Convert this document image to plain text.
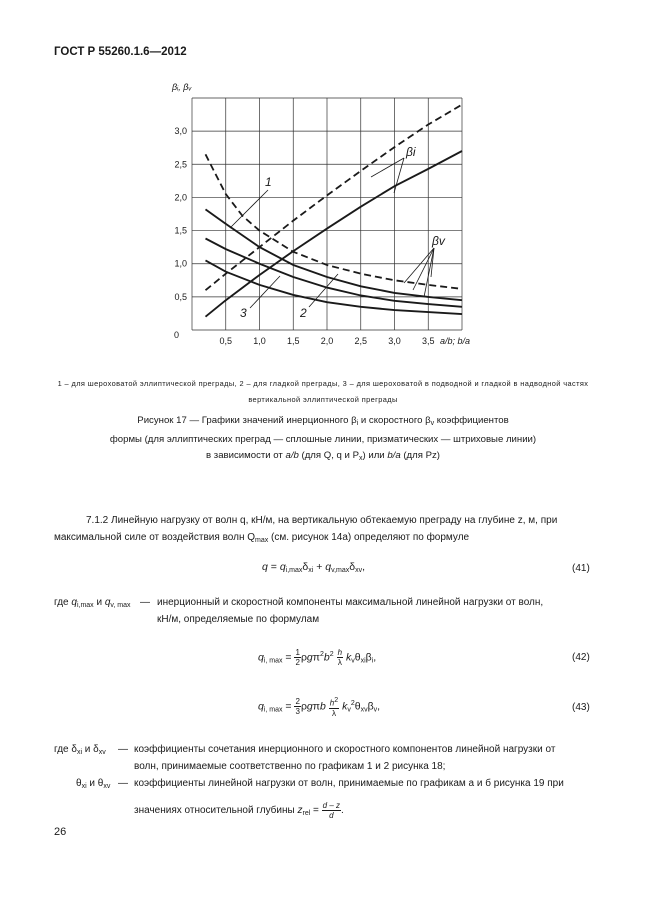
ГОСТ Р 55260.1.6—2012
0,5 1,0 1,5 2,0 2,5 3,0 3,5
0,5
1,0
1,5
2,0
2,5
3,0
0
a/b; b/a
βᵢ, βᵥ
1
3	2
βi
βv
1 – для шероховатой эллиптической преграды, 2 – для гладкой преграды, 3 – для шероховатой в подводной и гладкой в надводной частях вертикальной эллиптической преграды
Рисунок 17 — Графики значений инерционного $\beta_i$ и скоростного $\beta_v$ коэффициентов
формы (для эллиптических преград — сплошные линии, призматических — штриховые линии)
в зависимости от a/b (для Q, q и $P_x$) или b/a (для Pz)
7.1.2 Линейную нагрузку от волн q, кН/м, на вертикальную обтекаемую преграду на глубине z, м, при
максимальной силе от воздействия волн $Q_{max}$ (см. рисунок 14а) определяют по формуле
$q = q_{i,max}\delta_{xi} + q_{v,max}\delta_{xv}$,	(41)
где $q_{i,max}$ и $q_{v, max}$ — инерционный и скоростной компоненты максимальной линейной нагрузки от волн,
кН/м, определяемые по формулам
$q_{i, max} = \frac{1}{2} \rho g\pi^2b^2 \frac{h}{\lambda} k_v\theta_{xi}\beta_i$,	(42)
$q_{i, max} = \frac{2}{3}$ ρgπb $\frac{h^2}{\lambda} k_v^2\theta_{xv}\beta_v$,	(43)
где $\delta_{xi}$ и $\delta_{xv}$ — коэффициенты сочетания инерционного и скоростного компонентов линейной нагрузки от
волн, принимаемые соответственно по графикам 1 и 2 рисунка 18;
$\theta_{xi}$ и $\theta_{xv}$ — коэффициенты линейной нагрузки от волн, принимаемые по графикам а и б рисунка 19 при
значениях относительной глубины $z_{rel} = \frac{d - z}{d}$ .
26
